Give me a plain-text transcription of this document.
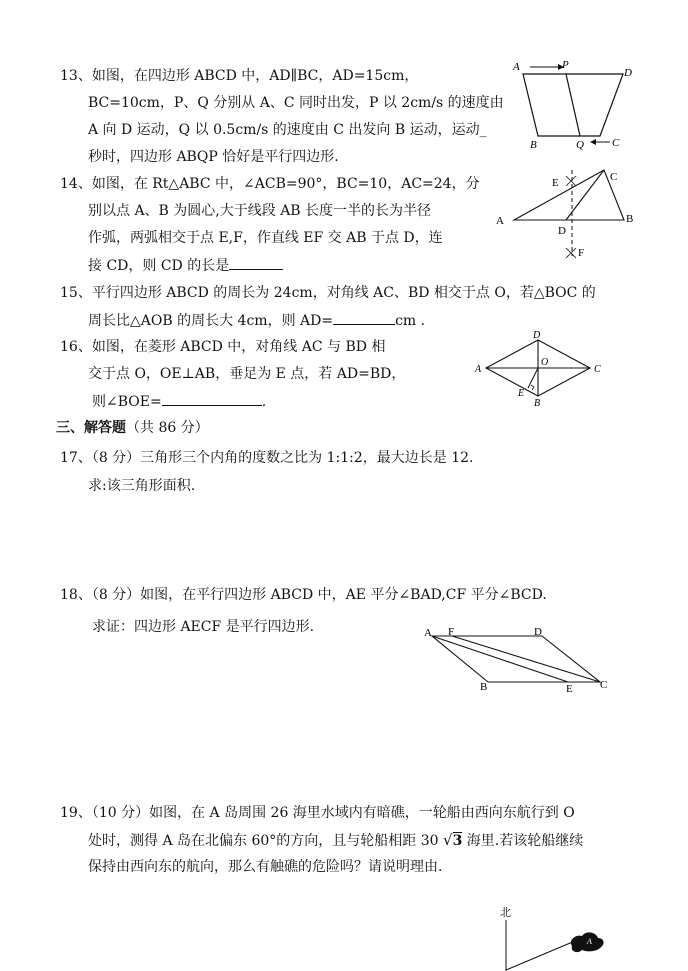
13、如图，在四边形 ABCD 中，AD∥BC，AD=15cm，
BC=10cm，P、Q 分别从 A、C 同时出发，P 以 2cm/s 的速度由
A 向 D 运动，Q 以 0.5cm/s 的速度由 C 出发向 B 运动，运动_
秒时，四边形 ABQP 恰好是平行四边形.
A	P
D
B	Q	C
14、如图，在 Rt△ABC 中，∠ACB=90°，BC=10，AC=24，分
别以点 A、B 为圆心,大于线段 AB 长度一半的长为半径
作弧，两弧相交于点 E,F，作直线 EF 交 AB 于点 D，连
接 CD，则 CD 的长是
E	C
A
D
B
F
15、平行四边形 ABCD 的周长为 24cm，对角线 AC、BD 相交于点 O，若△BOC 的
周长比△AOB 的周长大 4cm，则 AD=	cm .
16、如图，在菱形 ABCD 中，对角线 AC 与 BD 相
交于点 O，OE⊥AB，垂足为 E 点，若 AD=BD，
则∠BOE=	.
D
A
O
C
E
B
三、解答题（共 86 分）
17、（8 分）三角形三个内角的度数之比为 1:1:2，最大边长是 12.
求:该三角形面积.
18、（8 分）如图，在平行四边形 ABCD 中，AE 平分∠BAD,CF 平分∠BCD.
求证：四边形 AECF 是平行四边形.	A F	D
B	E C
19、（10 分）如图，在 A 岛周围 26 海里水域内有暗礁，一轮船由西向东航行到 O
处时，测得 A 岛在北偏东 60°的方向，且与轮船相距 30 √3 海里.若该轮船继续
保持由西向东的航向，那么有触礁的危险吗？请说明理由.
北
A
